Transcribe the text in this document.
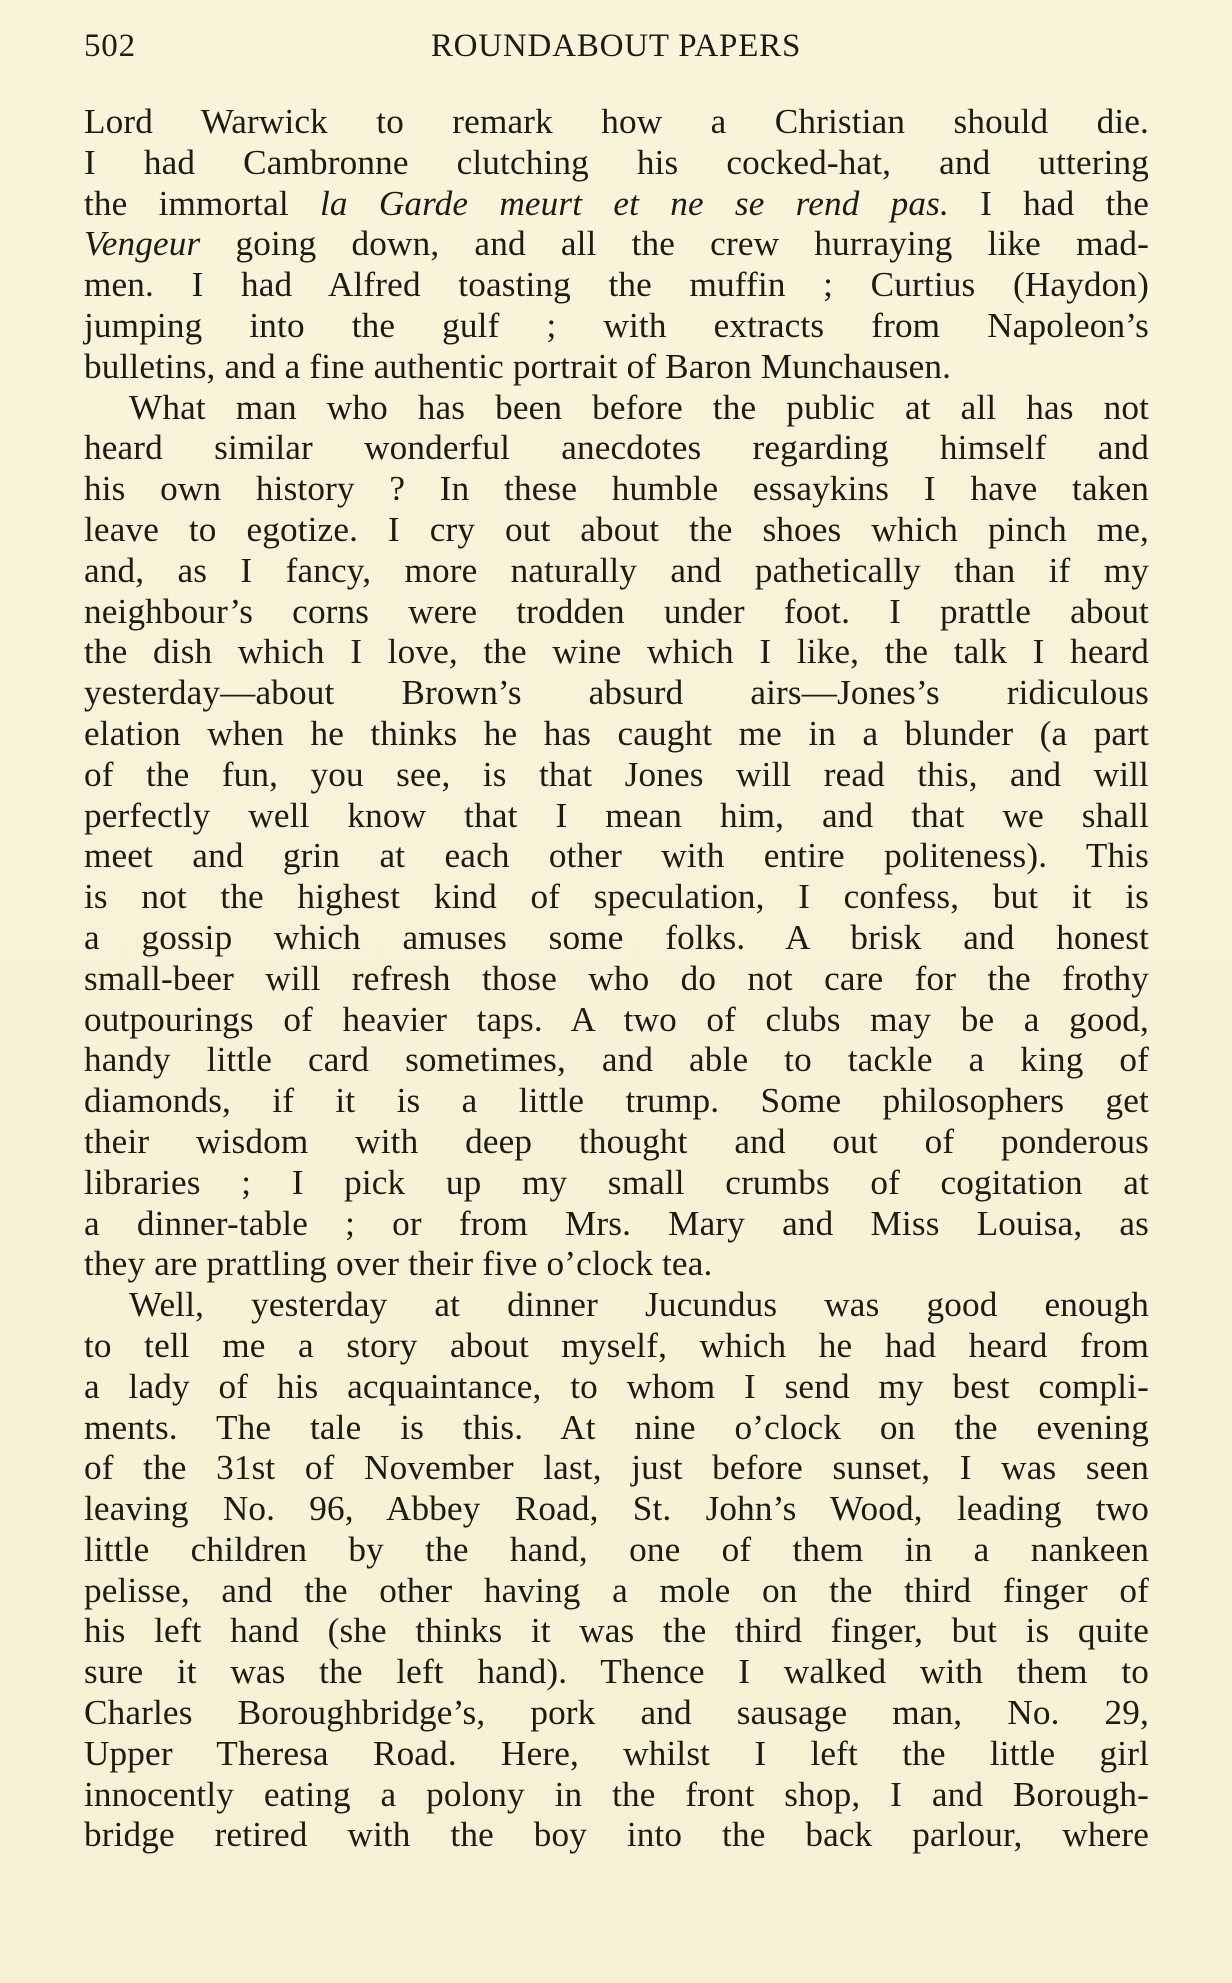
502	ROUNDABOUT PAPERS
Lord Warwick to remark how a Christian should die.
I had Cambronne clutching his cocked-hat, and uttering
the immortal la Garde meurt et ne se rend pas. I had the
Vengeur going down, and all the crew hurraying like mad-
men. I had Alfred toasting the muffin ; Curtius (Haydon)
jumping into the gulf ; with extracts from Napoleon’s
bulletins, and a fine authentic portrait of Baron Munchausen.
What man who has been before the public at all has not
heard similar wonderful anecdotes regarding himself and
his own history ? In these humble essaykins I have taken
leave to egotize. I cry out about the shoes which pinch me,
and, as I fancy, more naturally and pathetically than if my
neighbour’s corns were trodden under foot. I prattle about
the dish which I love, the wine which I like, the talk I heard
yesterday—about Brown’s absurd airs—Jones’s ridiculous
elation when he thinks he has caught me in a blunder (a part
of the fun, you see, is that Jones will read this, and will
perfectly well know that I mean him, and that we shall
meet and grin at each other with entire politeness). This
is not the highest kind of speculation, I confess, but it is
a gossip which amuses some folks. A brisk and honest
small-beer will refresh those who do not care for the frothy
outpourings of heavier taps. A two of clubs may be a good,
handy little card sometimes, and able to tackle a king of
diamonds, if it is a little trump. Some philosophers get
their wisdom with deep thought and out of ponderous
libraries ; I pick up my small crumbs of cogitation at
a dinner-table ; or from Mrs. Mary and Miss Louisa, as
they are prattling over their five o’clock tea.
Well, yesterday at dinner Jucundus was good enough
to tell me a story about myself, which he had heard from
a lady of his acquaintance, to whom I send my best compli-
ments. The tale is this. At nine o’clock on the evening
of the 31st of November last, just before sunset, I was seen
leaving No. 96, Abbey Road, St. John’s Wood, leading two
little children by the hand, one of them in a nankeen
pelisse, and the other having a mole on the third finger of
his left hand (she thinks it was the third finger, but is quite
sure it was the left hand). Thence I walked with them to
Charles Boroughbridge’s, pork and sausage man, No. 29,
Upper Theresa Road. Here, whilst I left the little girl
innocently eating a polony in the front shop, I and Borough-
bridge retired with the boy into the back parlour, where
